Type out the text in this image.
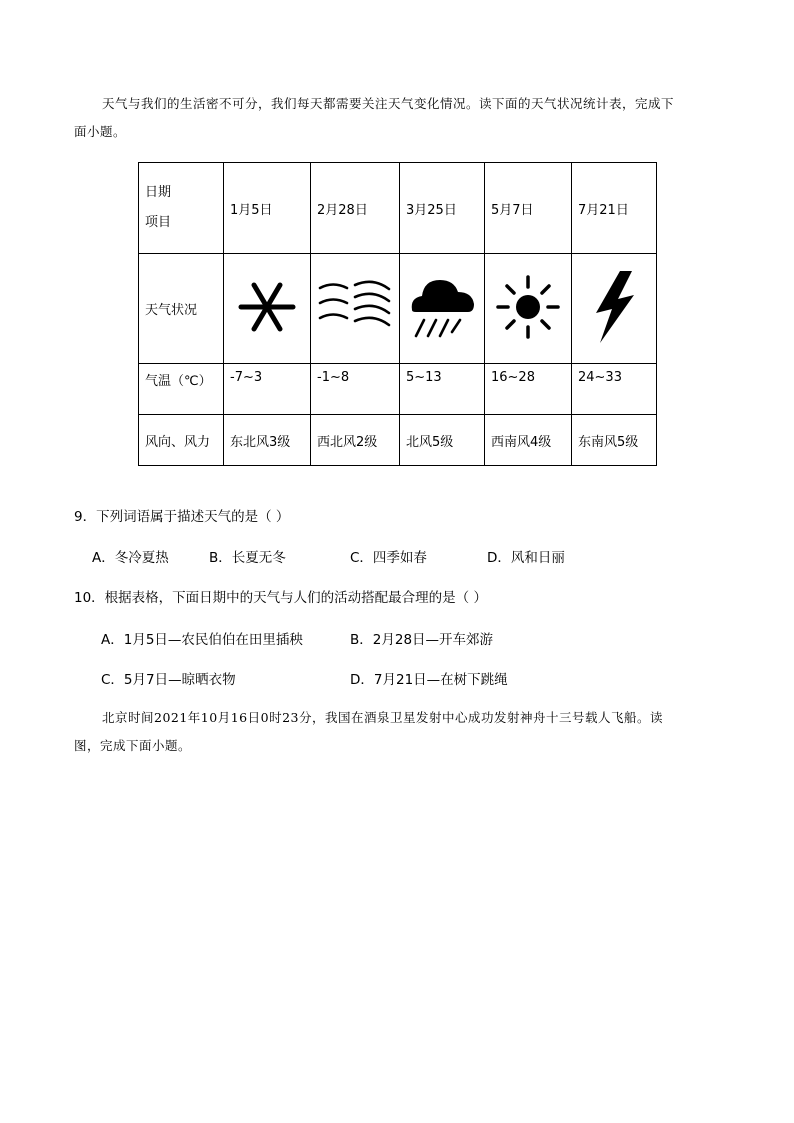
天气与我们的生活密不可分，我们每天都需要关注天气变化情况。读下面的天气状况统计表，完成下
面小题。
日期
项目	1月5日	2月28日	3月25日	5月7日	7月21日
天气状况					
气温（℃）	-7~3	-1~8	5~13	16~28	24~33
风向、风力	东北风3级	西北风2级	北风5级	西南风4级	东南风5级
9．下列词语属于描述天气的是（ ）
A．冬冷夏热	B．长夏无冬	C．四季如春	D．风和日丽
10．根据表格，下面日期中的天气与人们的活动搭配最合理的是（ ）
A．1月5日—农民伯伯在田里插秧	B．2月28日—开车郊游
C．5月7日—晾晒衣物	D．7月21日—在树下跳绳
北京时间2021年10月16日0时23分，我国在酒泉卫星发射中心成功发射神舟十三号载人飞船。读
图，完成下面小题。
